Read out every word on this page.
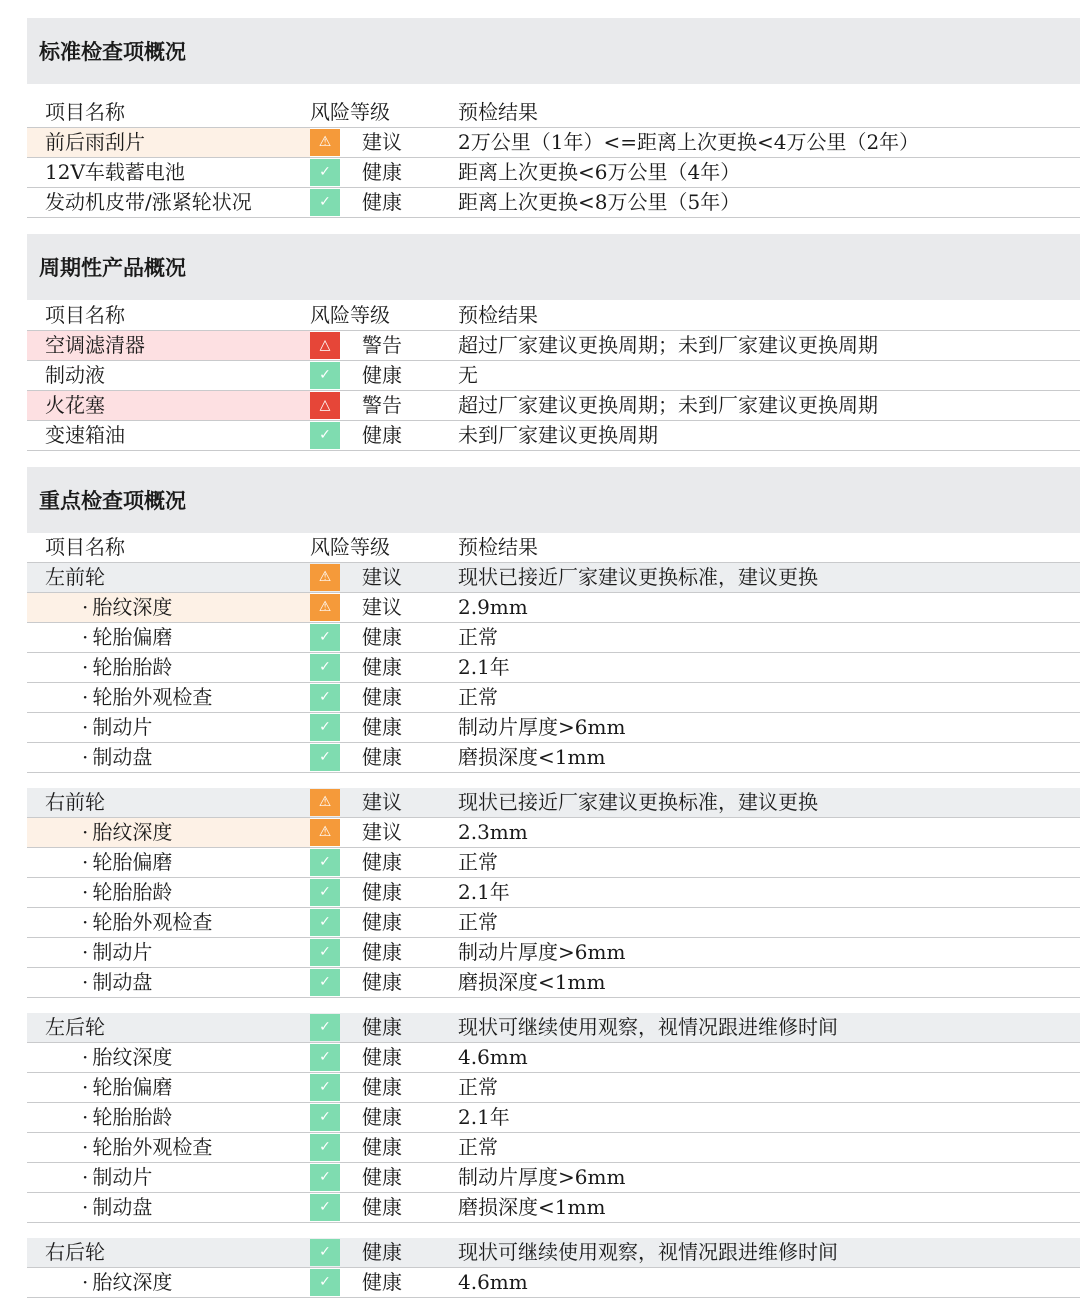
标准检查项概况
项目名称	风险等级	预检结果
前后雨刮片	⚠	建议	2万公里（1年）<=距离上次更换<4万公里（2年）
12V车载蓄电池	✓	健康	距离上次更换<6万公里（4年）
发动机皮带/涨紧轮状况	✓	健康	距离上次更换<8万公里（5年）
周期性产品概况
项目名称	风险等级	预检结果
空调滤清器	△	警告	超过厂家建议更换周期；未到厂家建议更换周期
制动液	✓	健康	无
火花塞	△	警告	超过厂家建议更换周期；未到厂家建议更换周期
变速箱油	✓	健康	未到厂家建议更换周期
重点检查项概况
项目名称	风险等级	预检结果
左前轮	⚠	建议	现状已接近厂家建议更换标准，建议更换
· 胎纹深度	⚠	建议	2.9mm
· 轮胎偏磨	✓	健康	正常
· 轮胎胎龄	✓	健康	2.1年
· 轮胎外观检查	✓	健康	正常
· 制动片	✓	健康	制动片厚度>6mm
· 制动盘	✓	健康	磨损深度<1mm
右前轮	⚠	建议	现状已接近厂家建议更换标准，建议更换
· 胎纹深度	⚠	建议	2.3mm
· 轮胎偏磨	✓	健康	正常
· 轮胎胎龄	✓	健康	2.1年
· 轮胎外观检查	✓	健康	正常
· 制动片	✓	健康	制动片厚度>6mm
· 制动盘	✓	健康	磨损深度<1mm
左后轮	✓	健康	现状可继续使用观察，视情况跟进维修时间
· 胎纹深度	✓	健康	4.6mm
· 轮胎偏磨	✓	健康	正常
· 轮胎胎龄	✓	健康	2.1年
· 轮胎外观检查	✓	健康	正常
· 制动片	✓	健康	制动片厚度>6mm
· 制动盘	✓	健康	磨损深度<1mm
右后轮	✓	健康	现状可继续使用观察，视情况跟进维修时间
· 胎纹深度	✓	健康	4.6mm
